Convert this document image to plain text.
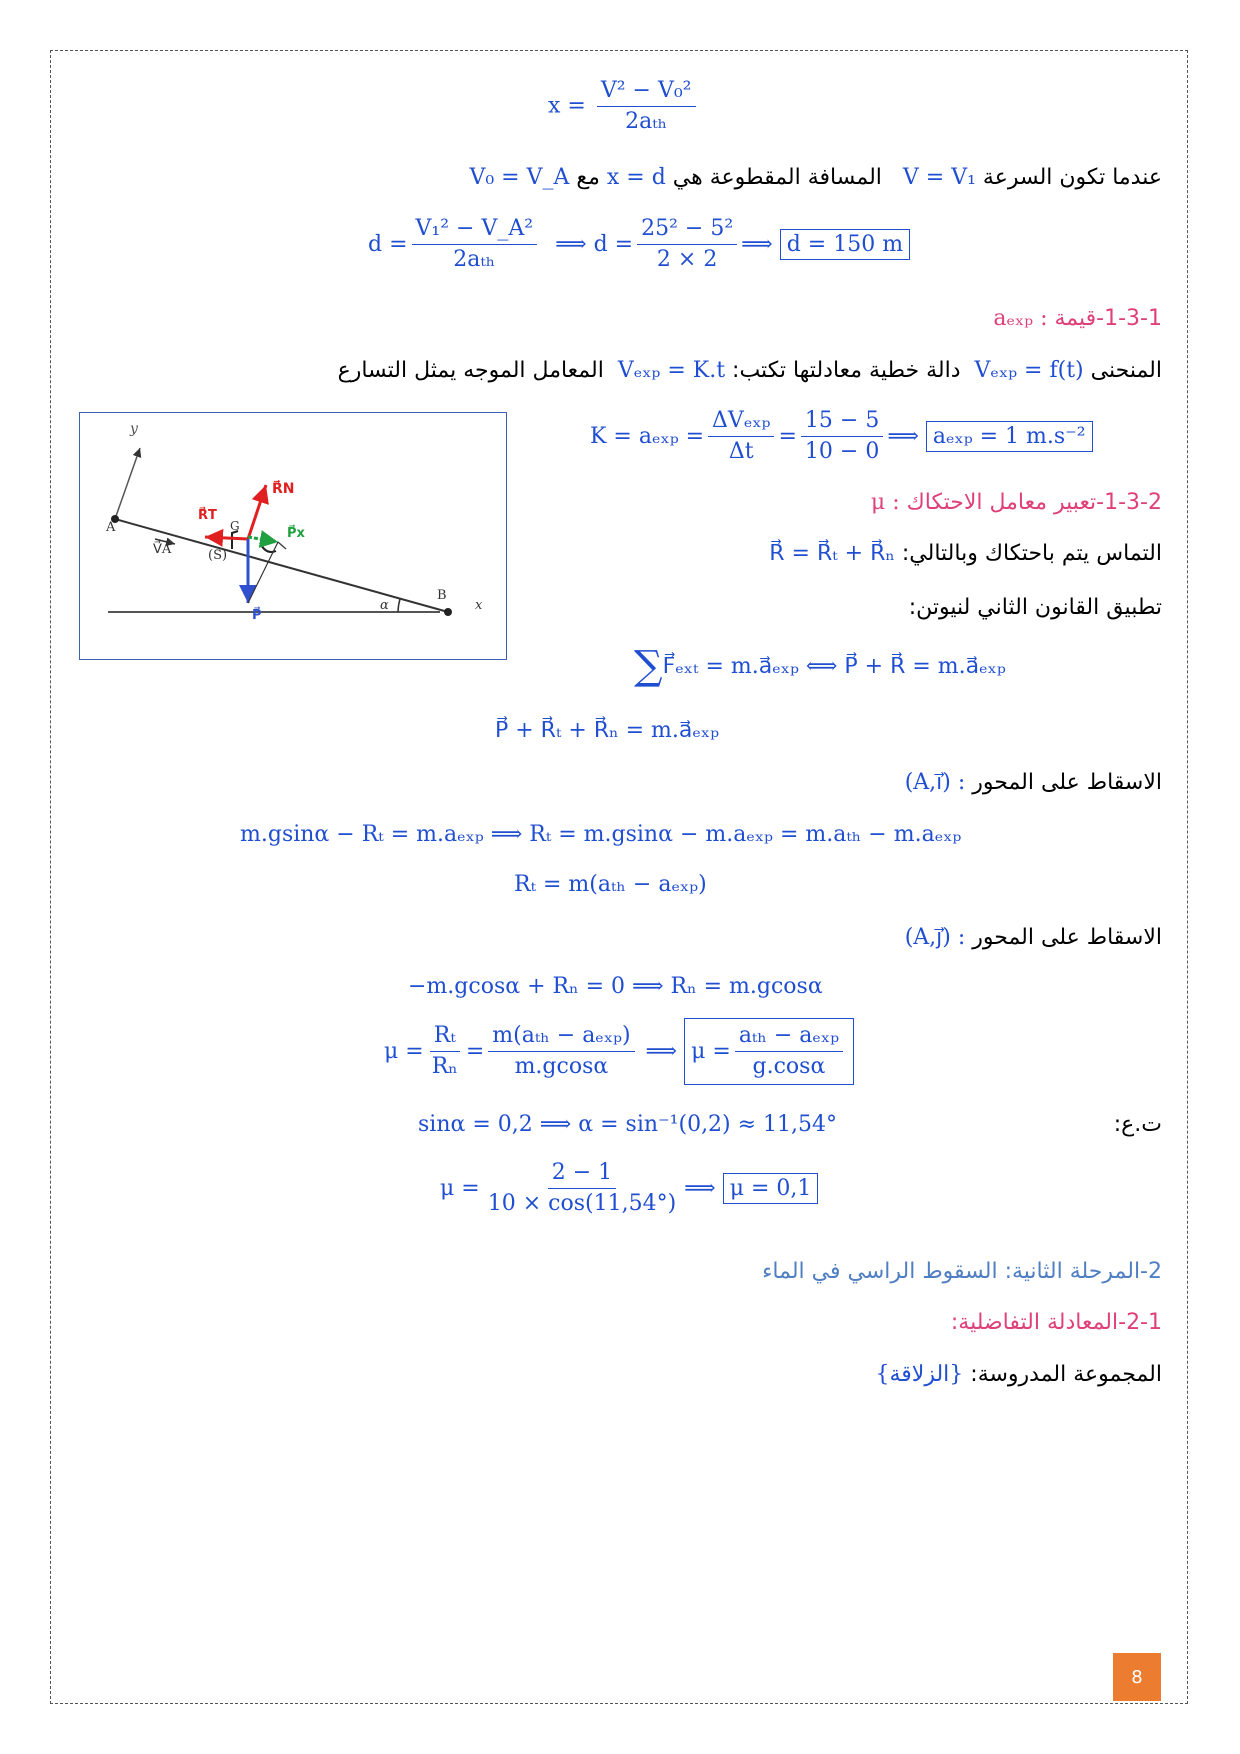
$x = \frac{\text{V² − V₀²}}{\text{2aₜₕ}}$
عندما تكون السرعة V = V₁   المسافة المقطوعة هي x = d مع V₀ = V_A
$d = \frac{\text{V₁² − V\_A²}}{\text{2aₜₕ}}$
⟹ $d = \frac{\text{25² − 5²}}{2 \times 2}$ ⟹
d = 150 m
1-3-1-قيمة aₑₓₚ :
المنحنى Vₑₓₚ = f(t)  دالة خطية معادلتها تكتب: Vₑₓₚ = K.t  المعامل الموجه يمثل التسارع
$K = a_{exp} = \frac{\text{ΔVₑₓₚ}}{\Delta t} = \frac{15 - 5}{10 - 0}$ ⟹
aₑₓₚ = 1 m.s⁻²
y
A
V⃗A
G
(S)
R⃗T
R⃗N
P⃗x
P⃗
B
x
α
1-3-2-تعبير معامل الاحتكاك μ :
التماس يتم باحتكاك وبالتالي: R⃗ = R⃗ₜ + R⃗ₙ
تطبيق القانون الثاني لنيوتن:
∑ F⃗ₑₓₜ = m.a⃗ₑₓₚ ⟺ P⃗ + R⃗ = m.a⃗ₑₓₚ
P⃗ + R⃗ₜ + R⃗ₙ = m.a⃗ₑₓₚ
الاسقاط على المحور (A,i⃗) :
m.gsinα − Rₜ = m.aₑₓₚ ⟹ Rₜ = m.gsinα − m.aₑₓₚ = m.aₜₕ − m.aₑₓₚ
Rₜ = m(aₜₕ − aₑₓₚ)
الاسقاط على المحور (A,j⃗) :
−m.gcosα + Rₙ = 0 ⟹ Rₙ = m.gcosα
$\mu = \frac{\text{Rₜ}}{\text{Rₙ}} = \frac{\text{m(aₜₕ − aₑₓₚ)}}{m.gcos\alpha}$
⟹
$\mu = \frac{\text{aₜₕ − aₑₓₚ}}{g.\cos\alpha}$
ت.ع:
sinα = 0,2 ⟹ α = sin⁻¹(0,2) ≈ 11,54°
$\mu = \frac{2 - 1}{10 \times \cos(11,54^\circ)}$ ⟹
μ = 0,1
2-المرحلة الثانية: السقوط الراسي في الماء
2-1-المعادلة التفاضلية:
المجموعة المدروسة: {الزلاقة}
8
